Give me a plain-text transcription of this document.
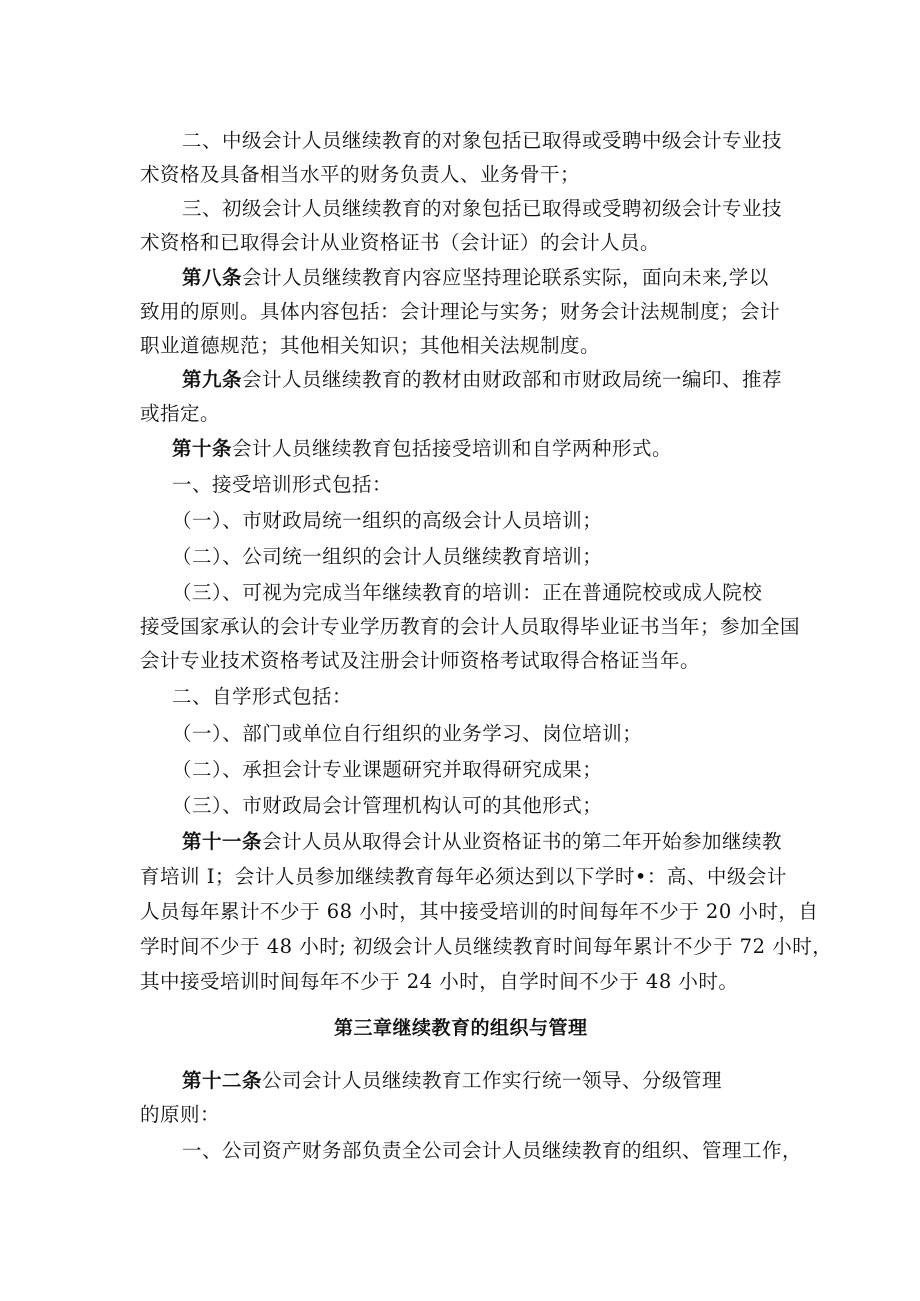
二、中级会计人员继续教育的对象包括已取得或受聘中级会计专业技
术资格及具备相当水平的财务负责人、业务骨干；
三、初级会计人员继续教育的对象包括已取得或受聘初级会计专业技
术资格和已取得会计从业资格证书（会计证）的会计人员。
第八条会计人员继续教育内容应坚持理论联系实际，面向未来,学以
致用的原则。具体内容包括：会计理论与实务；财务会计法规制度；会计
职业道德规范；其他相关知识；其他相关法规制度。
第九条会计人员继续教育的教材由财政部和市财政局统一编印、推荐
或指定。
第十条会计人员继续教育包括接受培训和自学两种形式。
一、接受培训形式包括：
（一）、市财政局统一组织的高级会计人员培训；
（二）、公司统一组织的会计人员继续教育培训；
（三）、可视为完成当年继续教育的培训：正在普通院校或成人院校
接受国家承认的会计专业学历教育的会计人员取得毕业证书当年；参加全国
会计专业技术资格考试及注册会计师资格考试取得合格证当年。
二、自学形式包括：
（一）、部门或单位自行组织的业务学习、岗位培训；
（二）、承担会计专业课题研究并取得研究成果；
（三）、市财政局会计管理机构认可的其他形式；
第十一条会计人员从取得会计从业资格证书的第二年开始参加继续教
育培训 I；会计人员参加继续教育每年必须达到以下学时•：高、中级会计
人员每年累计不少于 68 小时，其中接受培训的时间每年不少于 20 小时，自
学时间不少于 48 小时; 初级会计人员继续教育时间每年累计不少于 72 小时，
其中接受培训时间每年不少于 24 小时，自学时间不少于 48 小时。
第三章继续教育的组织与管理
第十二条公司会计人员继续教育工作实行统一领导、分级管理
的原则：
一、公司资产财务部负责全公司会计人员继续教育的组织、管理工作，
